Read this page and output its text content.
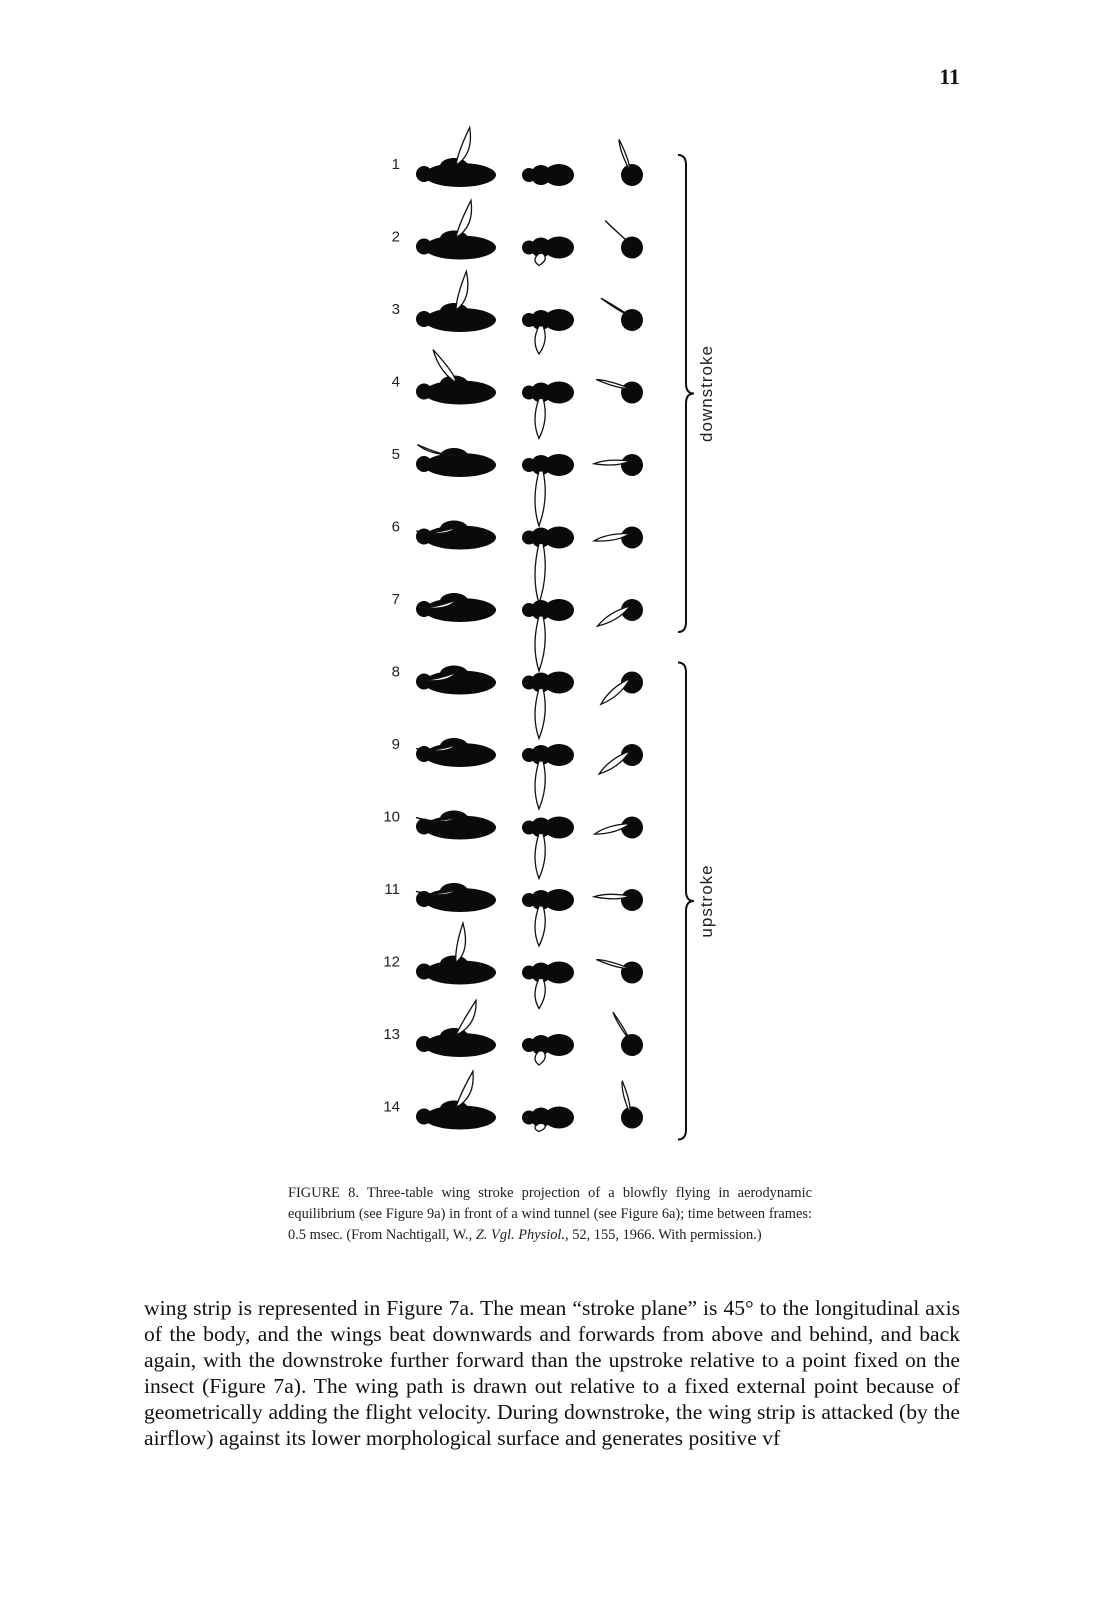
11
1
2
3
4
5
6
7
8
9
10
11
12
13
14
downstroke
upstroke
FIGURE 8. Three-table wing stroke projection of a blowfly flying in aerodynamic equilibrium (see Figure 9a) in front of a wind tunnel (see Figure 6a); time between frames: 0.5 msec. (From Nachtigall, W., Z. Vgl. Physiol., 52, 155, 1966. With permission.)
wing strip is represented in Figure 7a. The mean “stroke plane” is 45° to the longitudinal axis of the body, and the wings beat downwards and forwards from above and behind, and back again, with the downstroke further forward than the upstroke relative to a point fixed on the insect (Figure 7a). The wing path is drawn out relative to a fixed external point because of geometrically adding the flight velocity. During downstroke, the wing strip is attacked (by the airflow) against its lower morphological surface and generates positive vf
